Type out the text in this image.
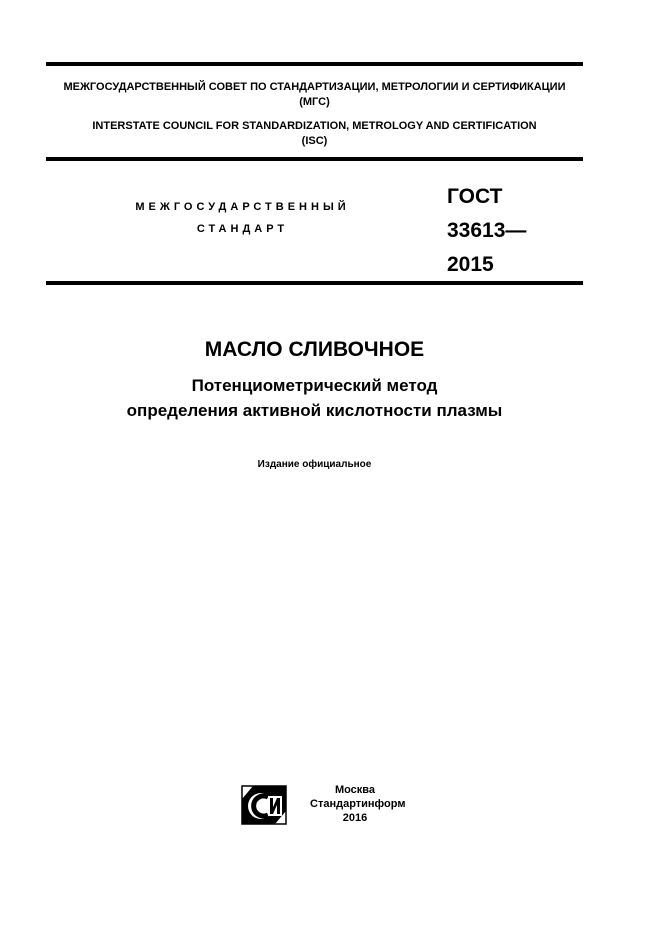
МЕЖГОСУДАРСТВЕННЫЙ СОВЕТ ПО СТАНДАРТИЗАЦИИ, МЕТРОЛОГИИ И СЕРТИФИКАЦИИ
(МГС)
INTERSTATE COUNCIL FOR STANDARDIZATION, METROLOGY AND CERTIFICATION
(ISC)
МЕЖГОСУДАРСТВЕННЫЙ
СТАНДАРТ
ГОСТ
33613—
2015
МАСЛО СЛИВОЧНОЕ
Потенциометрический метод
определения активной кислотности плазмы
Издание официальное
Москва
Стандартинформ
2016
